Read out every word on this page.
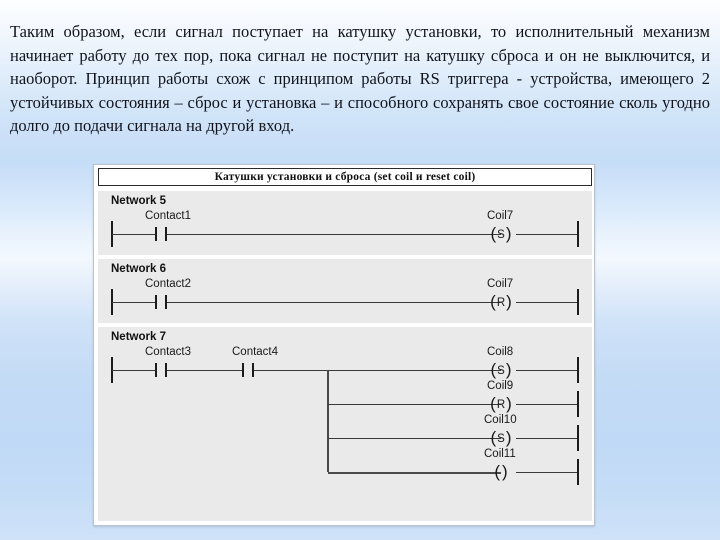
Таким образом, если сигнал поступает на катушку установки, то исполнительный механизм начинает работу до тех пор, пока сигнал не поступит на катушку сброса и он не выключится, и наоборот. Принцип работы схож с принципом работы RS триггера - устройства, имеющего 2 устойчивых состояния – сброс и установка – и способного сохранять свое состояние сколь угодно долго до подачи сигнала на другой вход.
Катушки установки и сброса (set coil и reset coil)
Network 5
Contact1	Coil7
(S)
Network 6
Contact2	Coil7
(R)
Network 7
Contact3	Contact4	Coil8
(S)
Coil9
(R)
Coil10
(S)
Coil11
( )
